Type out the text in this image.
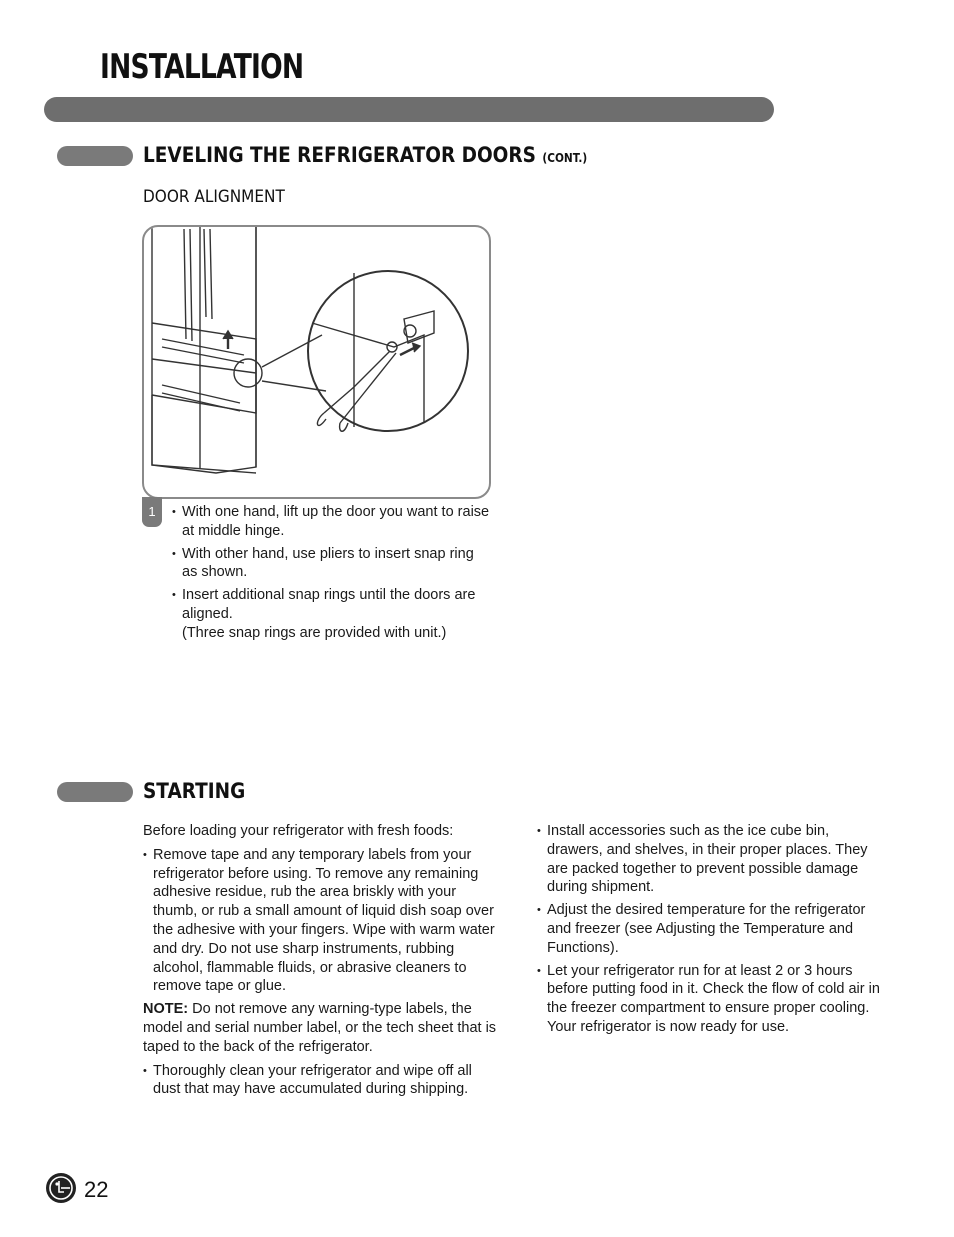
INSTALLATION
LEVELING THE REFRIGERATOR DOORS (CONT.)
DOOR ALIGNMENT
1
•	With one hand, lift up the door you want to raise at middle hinge.
• With other hand, use pliers to insert snap ring as shown.
• Insert additional snap rings until the doors are aligned.
(Three snap rings are provided with unit.)
STARTING

Before loading your refrigerator with fresh foods:

• Remove tape and any temporary labels from your refrigerator before using. To remove any remaining adhesive residue, rub the area briskly with your thumb, or rub a small amount of liquid dish soap over the adhesive with your fingers. Wipe with warm water and dry. Do not use sharp instruments, rubbing alcohol, flammable fluids, or abrasive cleaners to remove tape or glue.

NOTE: Do not remove any warning-type labels, the model and serial number label, or the tech sheet that is taped to the back of the refrigerator.

• Thoroughly clean your refrigerator and wipe off all dust that may have accumulated during shipping.
• Install accessories such as the ice cube bin, drawers, and shelves, in their proper places. They are packed together to prevent possible damage during shipment.
• Adjust the desired temperature for the refrigerator and freezer (see Adjusting the Temperature and Functions).
• Let your refrigerator run for at least 2 or 3 hours before putting food in it. Check the flow of cold air in the freezer compartment to ensure proper cooling. Your refrigerator is now ready for use.
22
